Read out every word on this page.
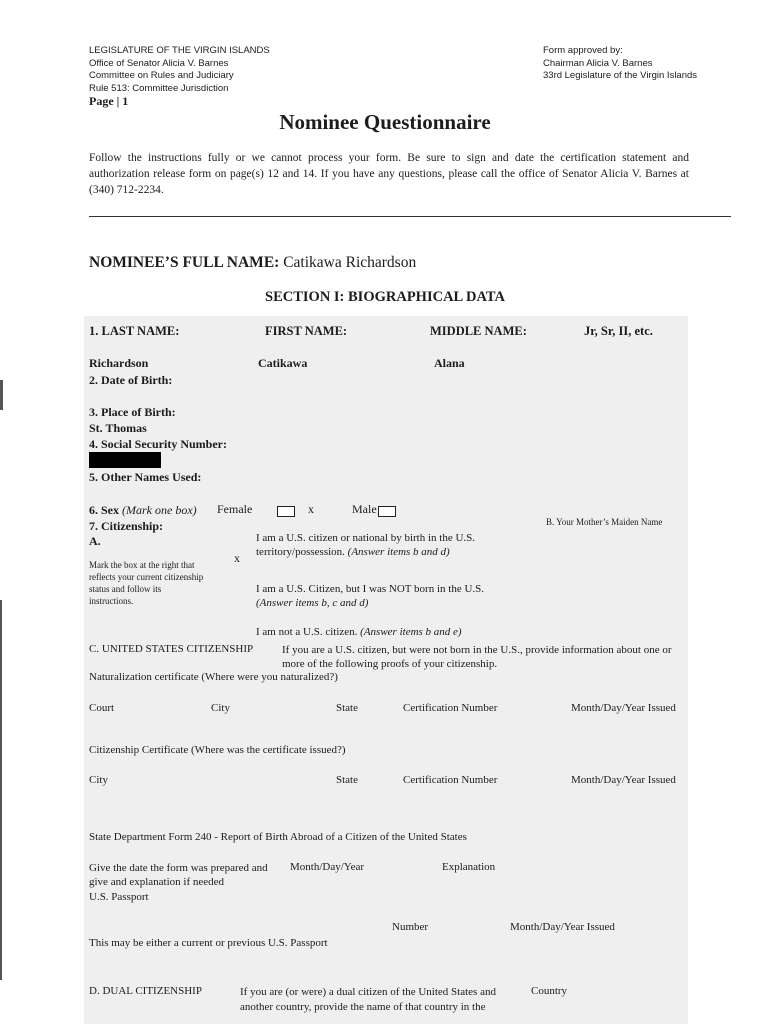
LEGISLATURE OF THE VIRGIN ISLANDS
Office of Senator Alicia V. Barnes
Committee on Rules and Judiciary
Rule 513: Committee Jurisdiction
Page | 1
Form approved by:
Chairman Alicia V. Barnes
33rd Legislature of the Virgin Islands
Nominee Questionnaire
Follow the instructions fully or we cannot process your form. Be sure to sign and date the certification statement and
authorization release form on page(s) 12 and 14. If you have any questions, please call the office of Senator Alicia V. Barnes at
(340) 712-2234.
NOMINEE’S FULL NAME: Catikawa Richardson
SECTION I: BIOGRAPHICAL DATA
1. LAST NAME:	FIRST NAME:	MIDDLE NAME:	Jr, Sr, II, etc.
Richardson	Catikawa	Alana
2. Date of Birth:
3. Place of Birth:
St. Thomas
4. Social Security Number:
5. Other Names Used:
6. Sex (Mark one box) Female	x	Male
7. Citizenship:
A.
B. Your Mother’s Maiden Name
Mark the box at the right that
reflects your current citizenship
status and follow its
instructions.
x
I am a U.S. citizen or national by birth in the U.S.
territory/possession. (Answer items b and d)
I am a U.S. Citizen, but I was NOT born in the U.S.
(Answer items b, c and d)
I am not a U.S. citizen. (Answer items b and e)
C. UNITED STATES CITIZENSHIP	If you are a U.S. citizen, but were not born in the U.S., provide information about one or
more of the following proofs of your citizenship.
Naturalization certificate (Where were you naturalized?)
Court	City	State	Certification Number	Month/Day/Year Issued
Citizenship Certificate (Where was the certificate issued?)
City	State	Certification Number	Month/Day/Year Issued
State Department Form 240 - Report of Birth Abroad of a Citizen of the United States
Give the date the form was prepared and
give and explanation if needed
Month/Day/Year	Explanation
U.S. Passport
Number	Month/Day/Year Issued
This may be either a current or previous U.S. Passport
D. DUAL CITIZENSHIP	If you are (or were) a dual citizen of the United States and
another country, provide the name of that country in the
Country
